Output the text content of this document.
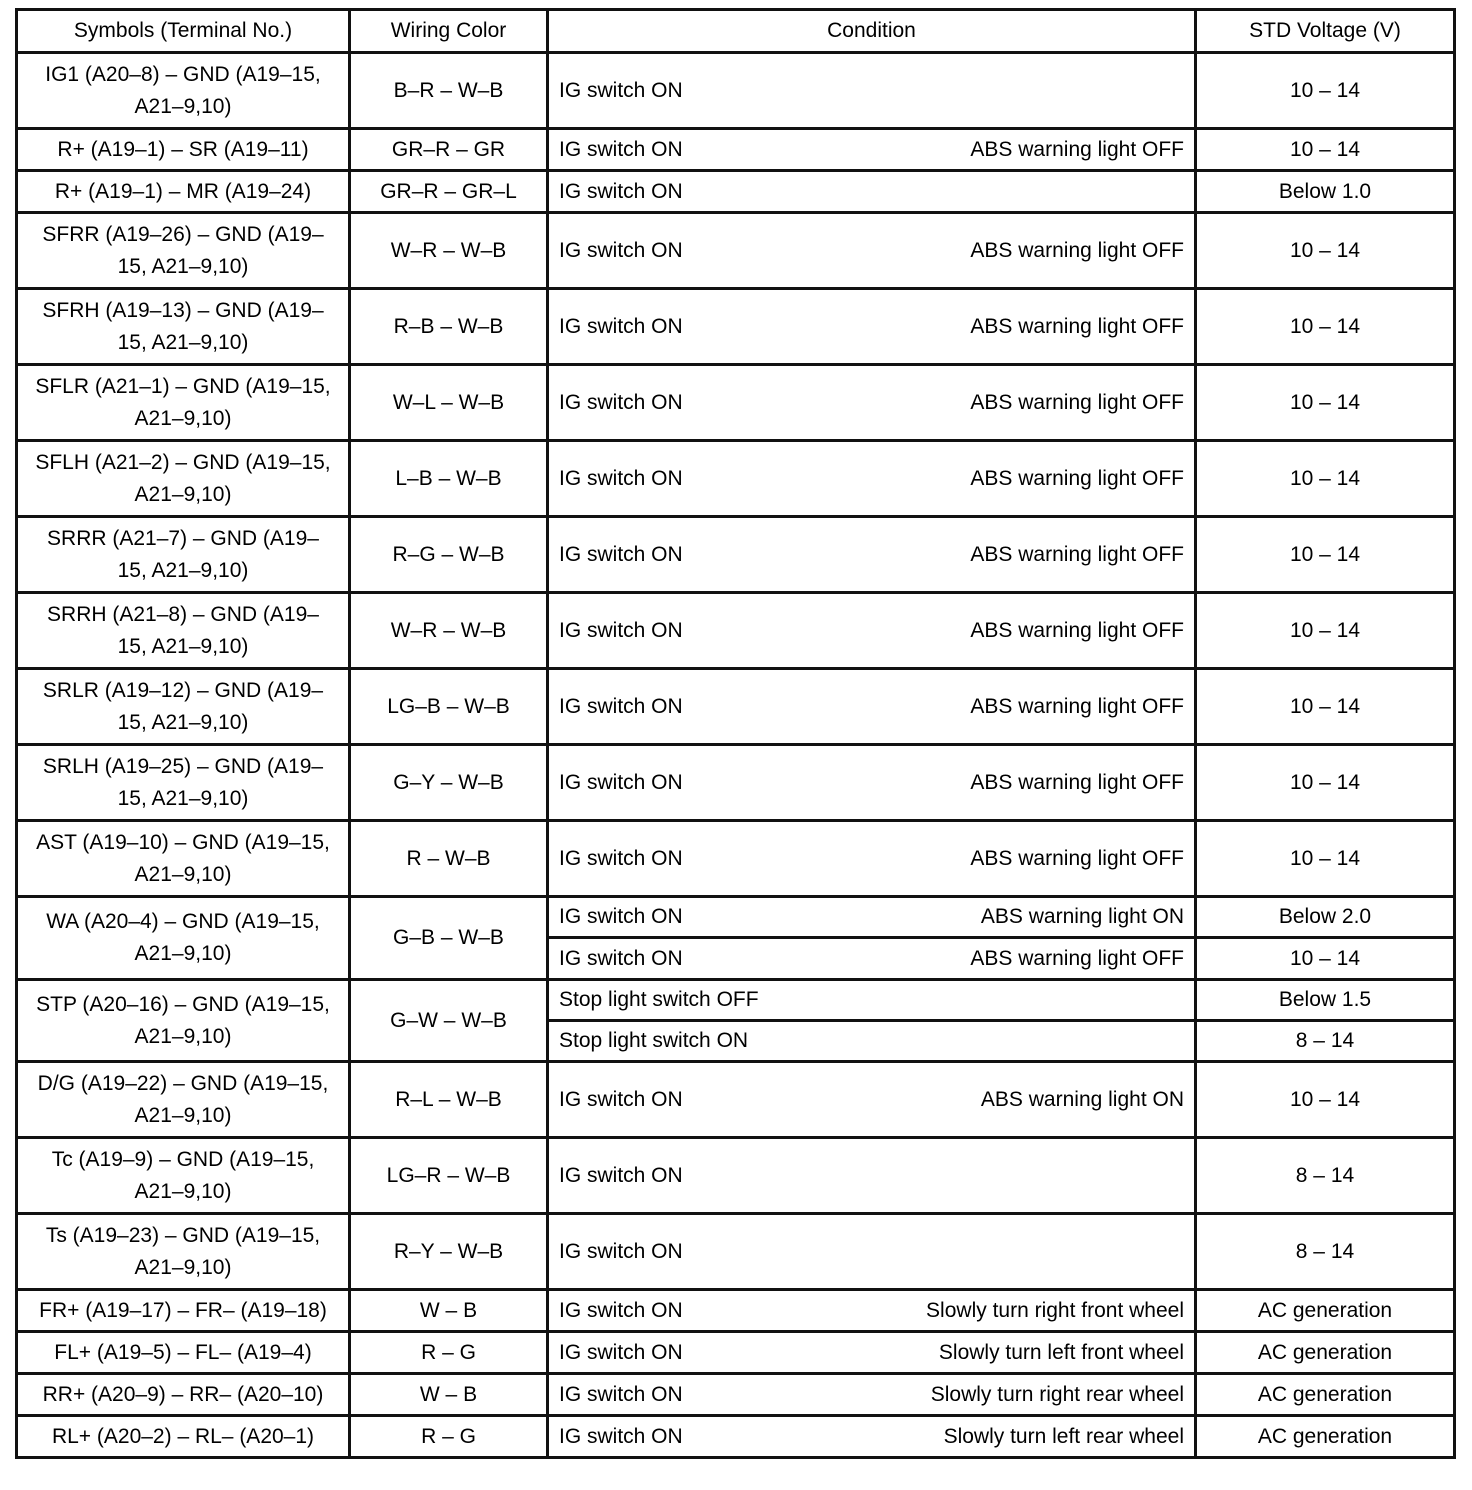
Symbols (Terminal No.)	Wiring Color	Condition	STD Voltage (V)
IG1 (A20–8) – GND (A19–15, A21–9,10)	B–R – W–B	IG switch ON	10 – 14
R+ (A19–1) – SR (A19–11)	GR–R – GR	IG switch ON ABS warning light OFF	10 – 14
R+ (A19–1) – MR (A19–24)	GR–R – GR–L	IG switch ON	Below 1.0
SFRR (A19–26) – GND (A19–15, A21–9,10)	W–R – W–B	IG switch ON ABS warning light OFF	10 – 14
SFRH (A19–13) – GND (A19–15, A21–9,10)	R–B – W–B	IG switch ON ABS warning light OFF	10 – 14
SFLR (A21–1) – GND (A19–15, A21–9,10)	W–L – W–B	IG switch ON ABS warning light OFF	10 – 14
SFLH (A21–2) – GND (A19–15, A21–9,10)	L–B – W–B	IG switch ON ABS warning light OFF	10 – 14
SRRR (A21–7) – GND (A19–15, A21–9,10)	R–G – W–B	IG switch ON ABS warning light OFF	10 – 14
SRRH (A21–8) – GND (A19–15, A21–9,10)	W–R – W–B	IG switch ON ABS warning light OFF	10 – 14
SRLR (A19–12) – GND (A19–15, A21–9,10)	LG–B – W–B	IG switch ON ABS warning light OFF	10 – 14
SRLH (A19–25) – GND (A19–15, A21–9,10)	G–Y – W–B	IG switch ON ABS warning light OFF	10 – 14
AST (A19–10) – GND (A19–15, A21–9,10)	R – W–B	IG switch ON ABS warning light OFF	10 – 14
WA (A20–4) – GND (A19–15, A21–9,10)	G–B – W–B	IG switch ON ABS warning light ON	Below 2.0

		IG switch ON ABS warning light OFF	10 – 14
STP (A20–16) – GND (A19–15, A21–9,10)	G–W – W–B	Stop light switch OFF	Below 1.5

		Stop light switch ON	8 – 14
D/G (A19–22) – GND (A19–15, A21–9,10)	R–L – W–B	IG switch ON ABS warning light ON	10 – 14
Tc (A19–9) – GND (A19–15, A21–9,10)	LG–R – W–B	IG switch ON	8 – 14
Ts (A19–23) – GND (A19–15, A21–9,10)	R–Y – W–B	IG switch ON	8 – 14
FR+ (A19–17) – FR– (A19–18)	W – B	IG switch ON Slowly turn right front wheel	AC generation
FL+ (A19–5) – FL– (A19–4)	R – G	IG switch ON Slowly turn left front wheel	AC generation
RR+ (A20–9) – RR– (A20–10)	W – B	IG switch ON Slowly turn right rear wheel	AC generation
RL+ (A20–2) – RL– (A20–1)	R – G	IG switch ON Slowly turn left rear wheel	AC generation
